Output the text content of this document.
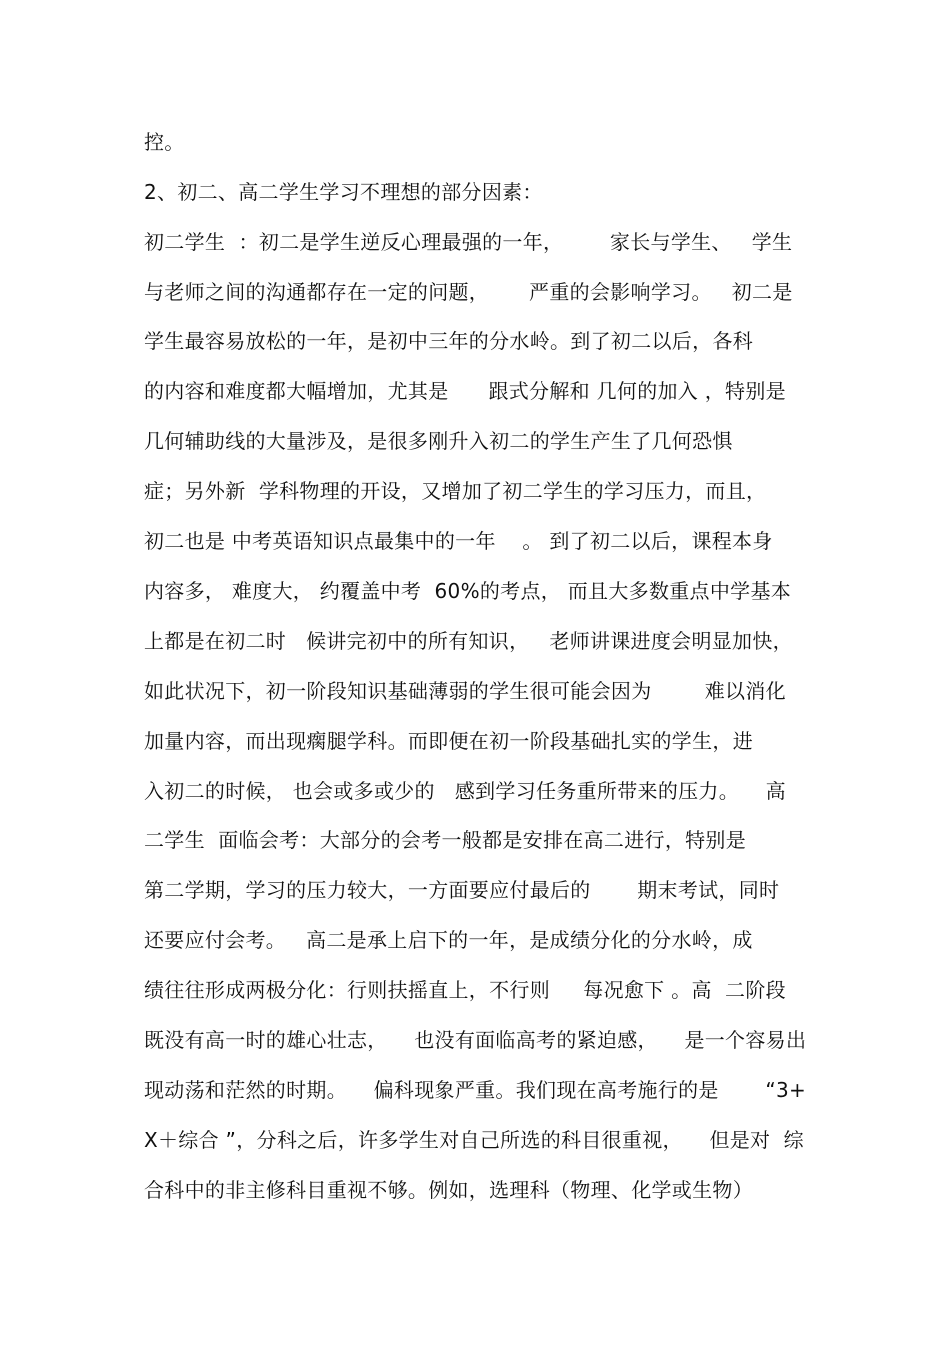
控。
2、初二、高二学生学习不理想的部分因素：
初二学生  ：初二是学生逆反心理最强的一年，       家长与学生、   学生
与老师之间的沟通都存在一定的问题，      严重的会影响学习。   初二是
学生最容易放松的一年，是初中三年的分水岭。到了初二以后，各科
的内容和难度都大幅增加，尤其是      跟式分解和 几何的加入 ，特别是
几何辅助线的大量涉及，是很多刚升入初二的学生产生了几何恐惧
症；另外新  学科物理的开设，又增加了初二学生的学习压力，而且，
初二也是 中考英语知识点最集中的一年    。 到了初二以后，课程本身
内容多， 难度大， 约覆盖中考  60%的考点， 而且大多数重点中学基本
上都是在初二时   候讲完初中的所有知识，   老师讲课进度会明显加快，
如此状况下，初一阶段知识基础薄弱的学生很可能会因为        难以消化
加量内容，而出现瘸腿学科。而即便在初一阶段基础扎实的学生，进
入初二的时候， 也会或多或少的   感到学习任务重所带来的压力。    高
二学生  面临会考：大部分的会考一般都是安排在高二进行，特别是
第二学期，学习的压力较大，一方面要应付最后的       期末考试，同时
还要应付会考。   高二是承上启下的一年，是成绩分化的分水岭，成
绩往往形成两极分化：行则扶摇直上，不行则     每况愈下 。高  二阶段
既没有高一时的雄心壮志，    也没有面临高考的紧迫感，    是一个容易出
现动荡和茫然的时期。    偏科现象严重。我们现在高考施行的是       “3+
X＋综合 ”，分科之后，许多学生对自己所选的科目很重视，    但是对  综
合科中的非主修科目重视不够。例如，选理科（物理、化学或生物）
